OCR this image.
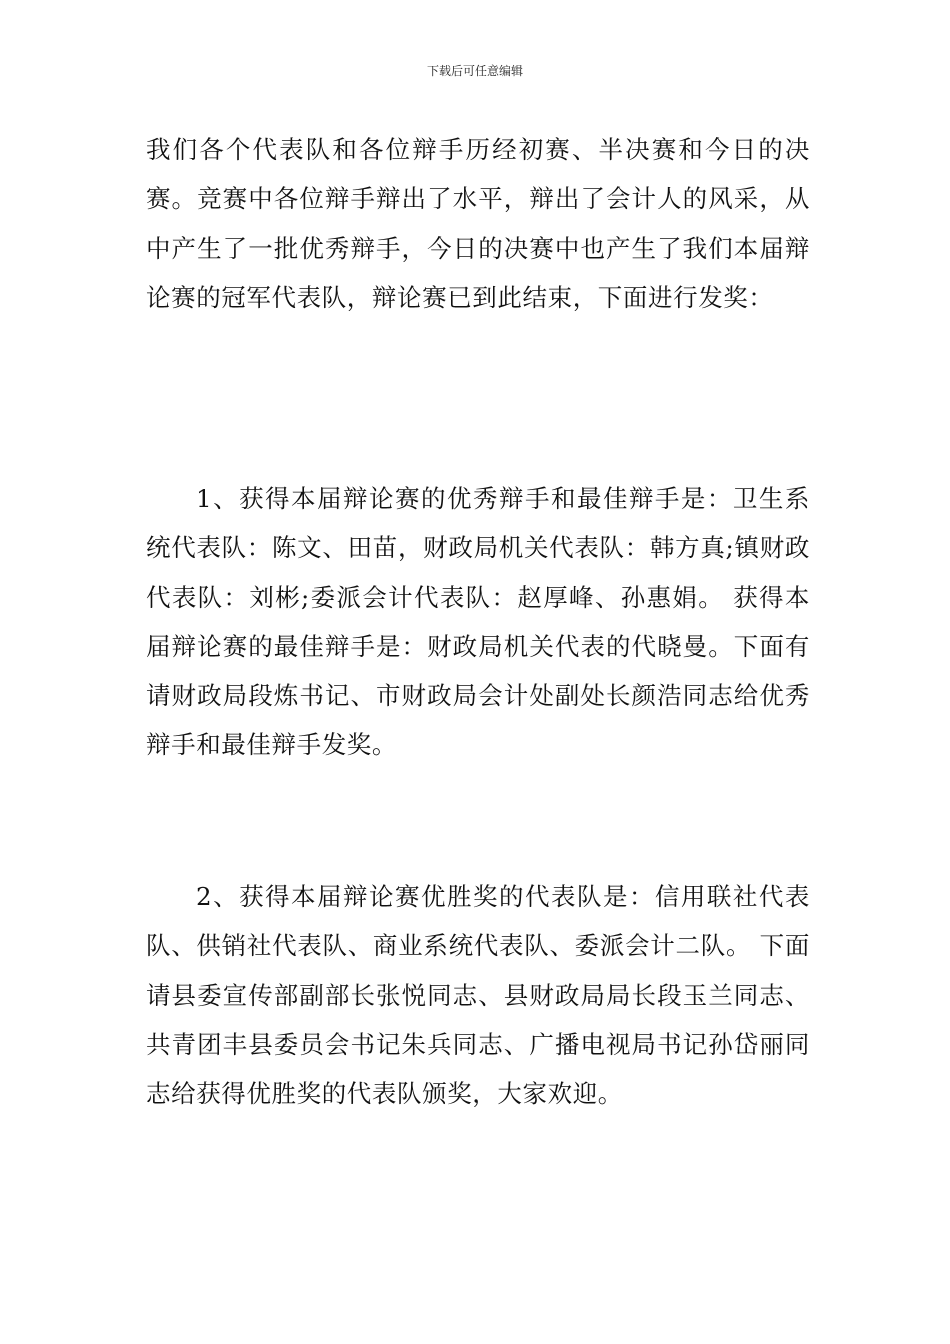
下载后可任意编辑

我们各个代表队和各位辩手历经初赛、半决赛和今日的决赛。竞赛中各位辩手辩出了水平，辩出了会计人的风采，从中产生了一批优秀辩手，今日的决赛中也产生了我们本届辩论赛的冠军代表队，辩论赛已到此结束，下面进行发奖：

1、获得本届辩论赛的优秀辩手和最佳辩手是：卫生系统代表队：陈文、田苗，财政局机关代表队：韩方真;镇财政代表队：刘彬;委派会计代表队：赵厚峰、孙惠娟。 获得本届辩论赛的最佳辩手是：财政局机关代表的代晓曼。下面有请财政局段炼书记、市财政局会计处副处长颜浩同志给优秀辩手和最佳辩手发奖。

2、获得本届辩论赛优胜奖的代表队是：信用联社代表队、供销社代表队、商业系统代表队、委派会计二队。 下面请县委宣传部副部长张悦同志、县财政局局长段玉兰同志、共青团丰县委员会书记朱兵同志、广播电视局书记孙岱丽同志给获得优胜奖的代表队颁奖，大家欢迎。
